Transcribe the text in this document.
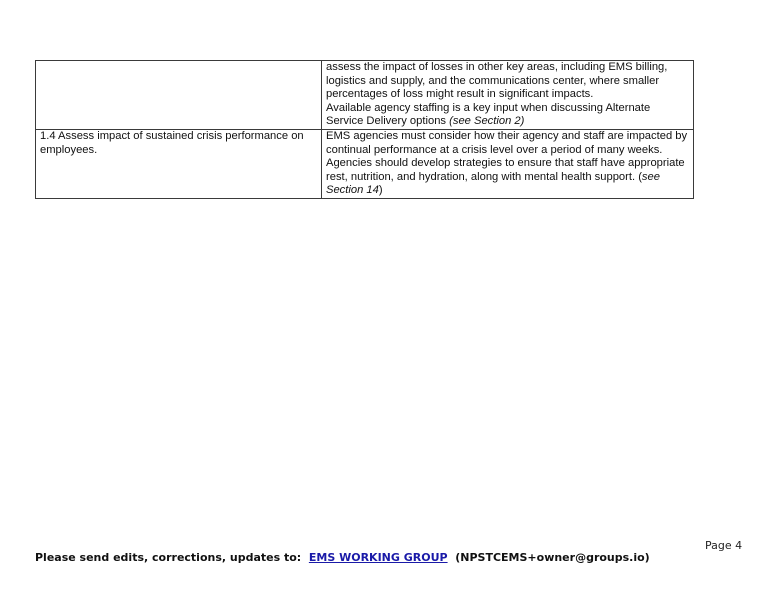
	assess the impact of losses in other key areas, including EMS billing,
logistics and supply, and the communications center, where smaller
percentages of loss might result in significant impacts.
Available agency staffing is a key input when discussing Alternate
Service Delivery options (see Section 2)

1.4 Assess impact of sustained crisis performance on employees.	EMS agencies must consider how their agency and staff are impacted by continual performance at a crisis level over a period of many weeks. Agencies should develop strategies to ensure that staff have appropriate rest, nutrition, and hydration, along with mental health support. (see Section 14)
Page 4
Please send edits, corrections, updates to:  EMS WORKING GROUP  (NPSTCEMS+owner@groups.io)
